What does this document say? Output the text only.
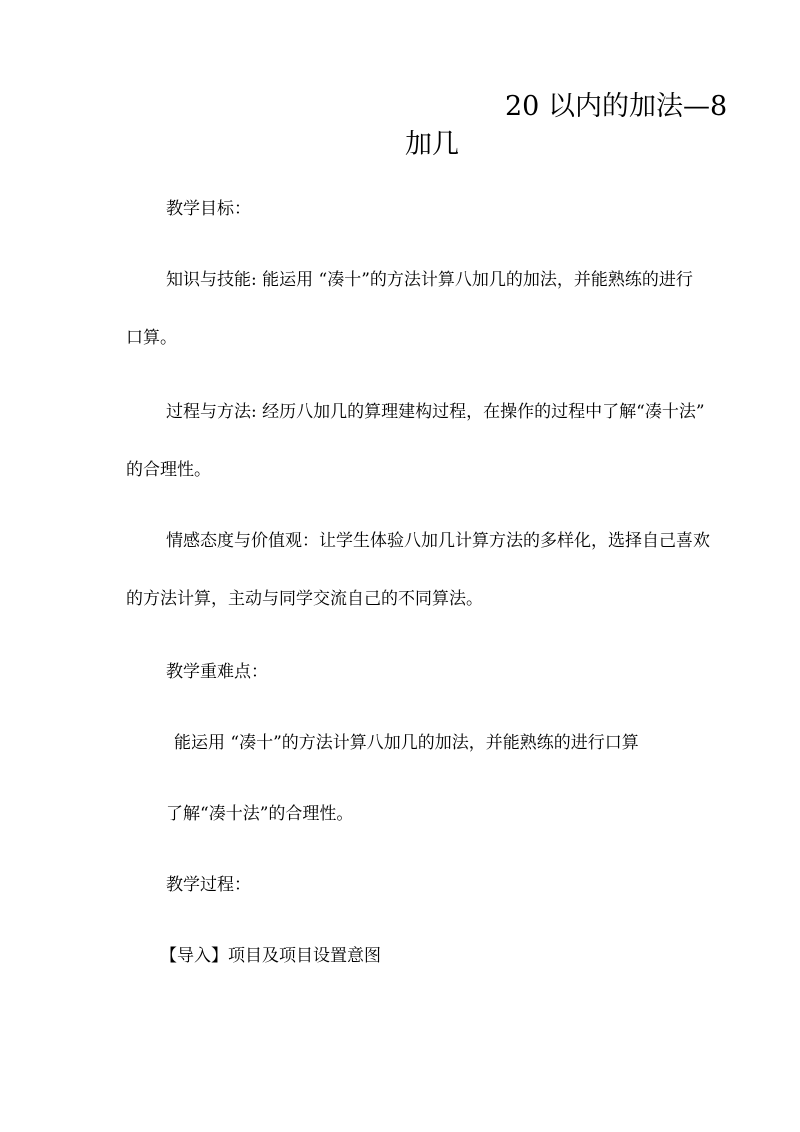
20 以内的加法—8
加几
教学目标：
知识与技能: 能运用 “凑十”的方法计算八加几的加法，并能熟练的进行
口算。
过程与方法: 经历八加几的算理建构过程，在操作的过程中了解“凑十法”
的合理性。
情感态度与价值观：让学生体验八加几计算方法的多样化，选择自己喜欢
的方法计算，主动与同学交流自己的不同算法。
教学重难点：
能运用 “凑十”的方法计算八加几的加法，并能熟练的进行口算
了解“凑十法”的合理性。
教学过程：
【导入】项目及项目设置意图
